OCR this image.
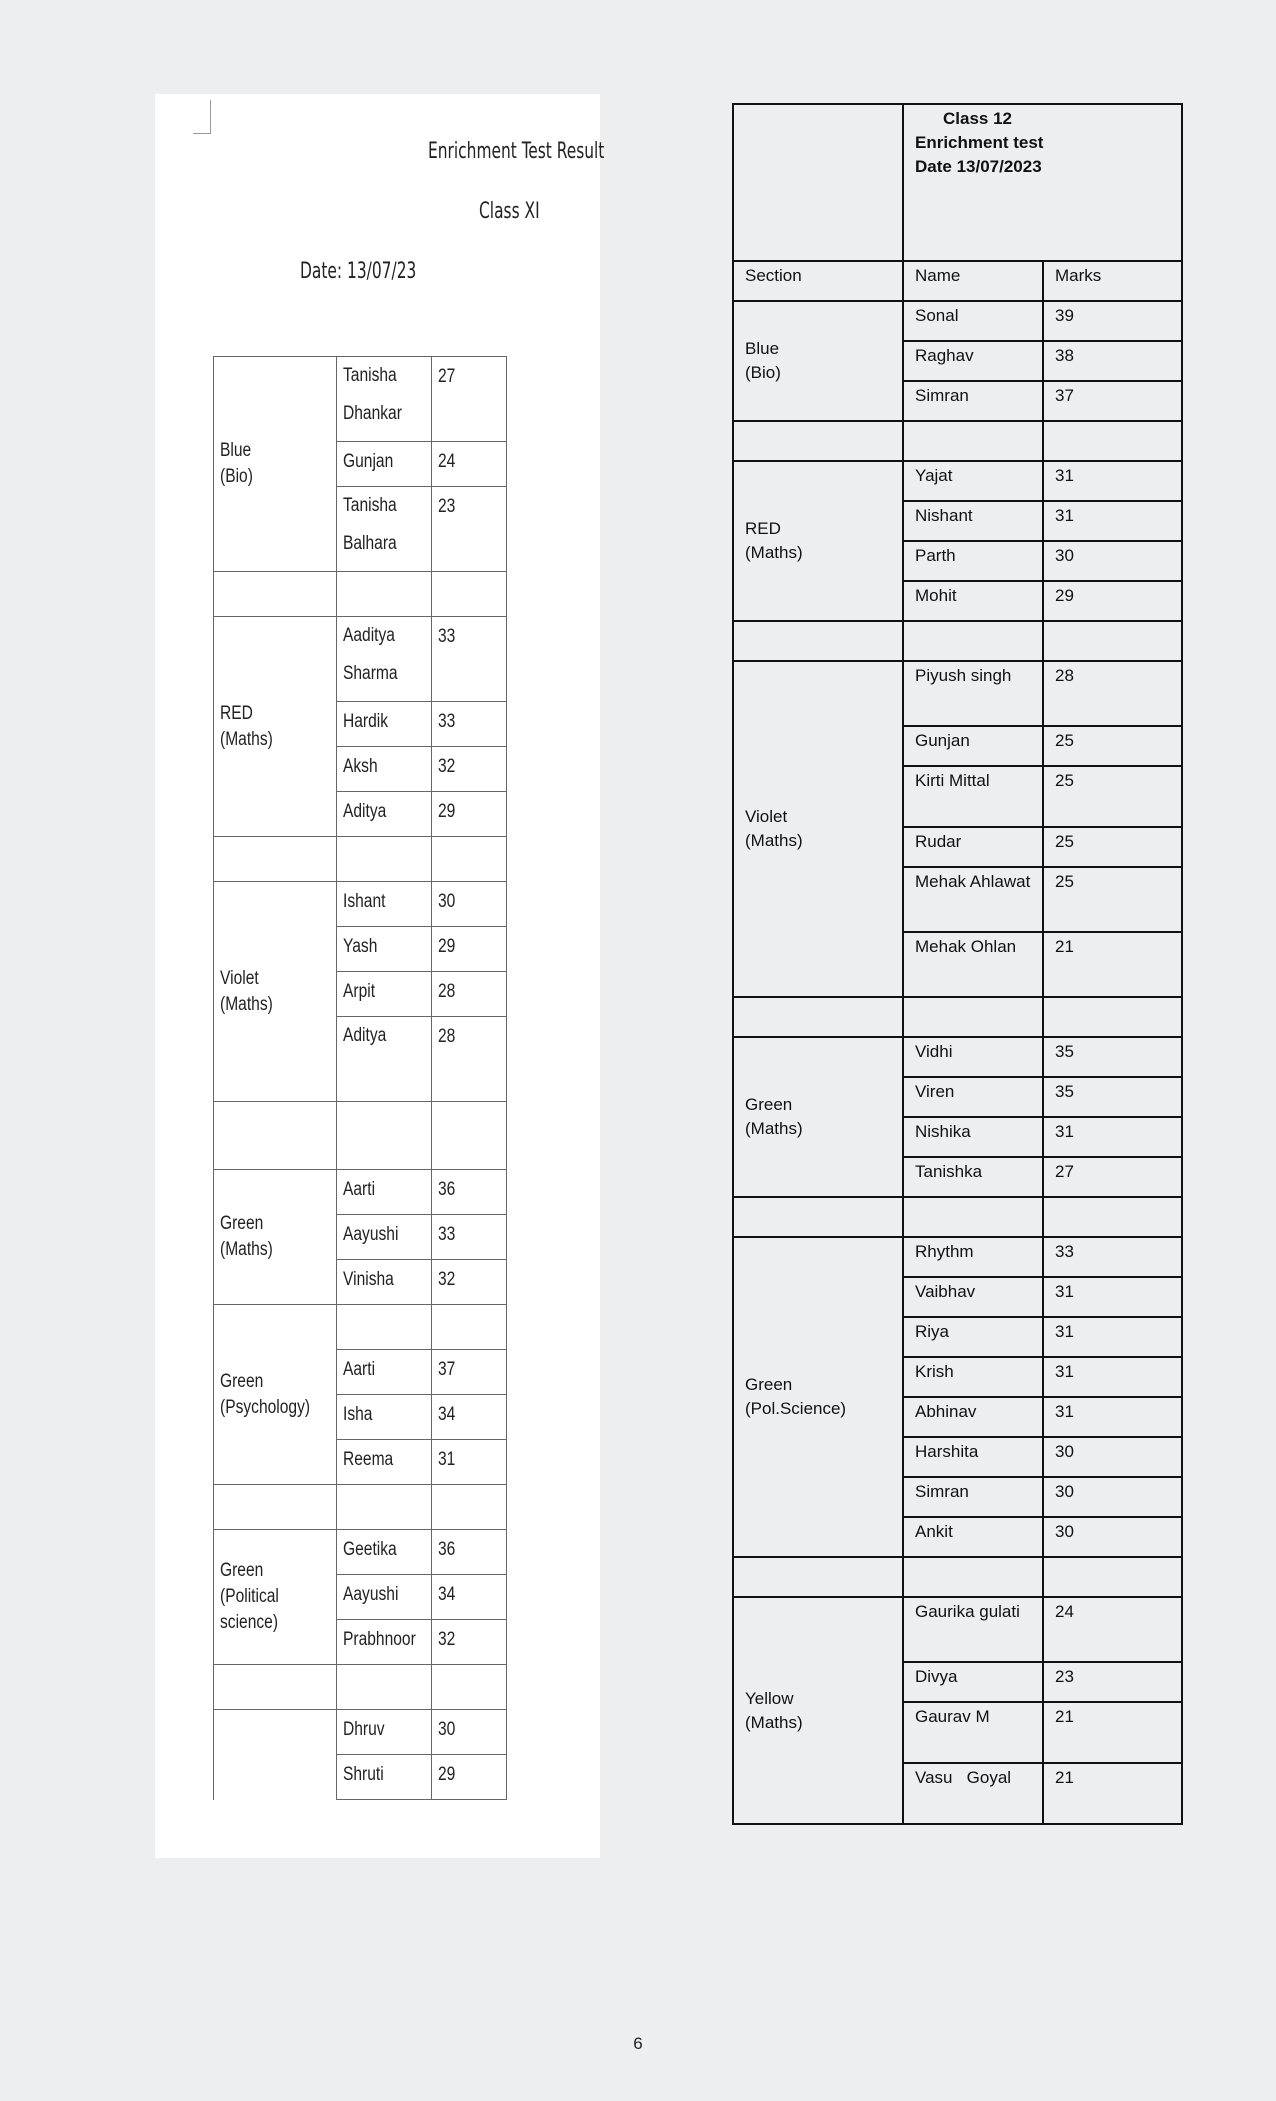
Enrichment Test Result
Class XI
Date: 13/07/23
Blue
(Bio)	Tanisha Dhankar	27
	Gunjan	24
	Tanisha Balhara	23

RED
(Maths)	Aaditya Sharma	33
	Hardik	33
	Aksh	32
	Aditya	29

Violet
(Maths)	Ishant	30
	Yash	29
	Arpit	28
	Aditya	28

Green
(Maths)	Aarti	36
	Aayushi	33
	Vinisha	32

Green
(Psychology)		

	Aarti	37
	Isha	34
	Reema	31

Green
(Political
science)	Geetika	36
	Aayushi	34
	Prabhnoor	32

	Dhruv	30
	Shruti	29

	Class 12
Enrichment test
Date 13/07/2023	

Section	Name	Marks

Blue
(Bio)	Sonal	39
	Raghav	38
	Simran	37

RED
(Maths)	Yajat	31
	Nishant	31
	Parth	30
	Mohit	29

Violet
(Maths)	Piyush singh	28
	Gunjan	25
	Kirti Mittal	25
	Rudar	25
	Mehak Ahlawat	25
	Mehak Ohlan	21

Green
(Maths)	Vidhi	35
	Viren	35
	Nishika	31
	Tanishka	27

Green
(Pol.Science)	Rhythm	33
	Vaibhav	31
	Riya	31
	Krish	31
	Abhinav	31
	Harshita	30
	Simran	30
	Ankit	30

Yellow
(Maths)	Gaurika gulati	24
	Divya	23
	Gaurav M	21
	Vasu   Goyal	21
6
